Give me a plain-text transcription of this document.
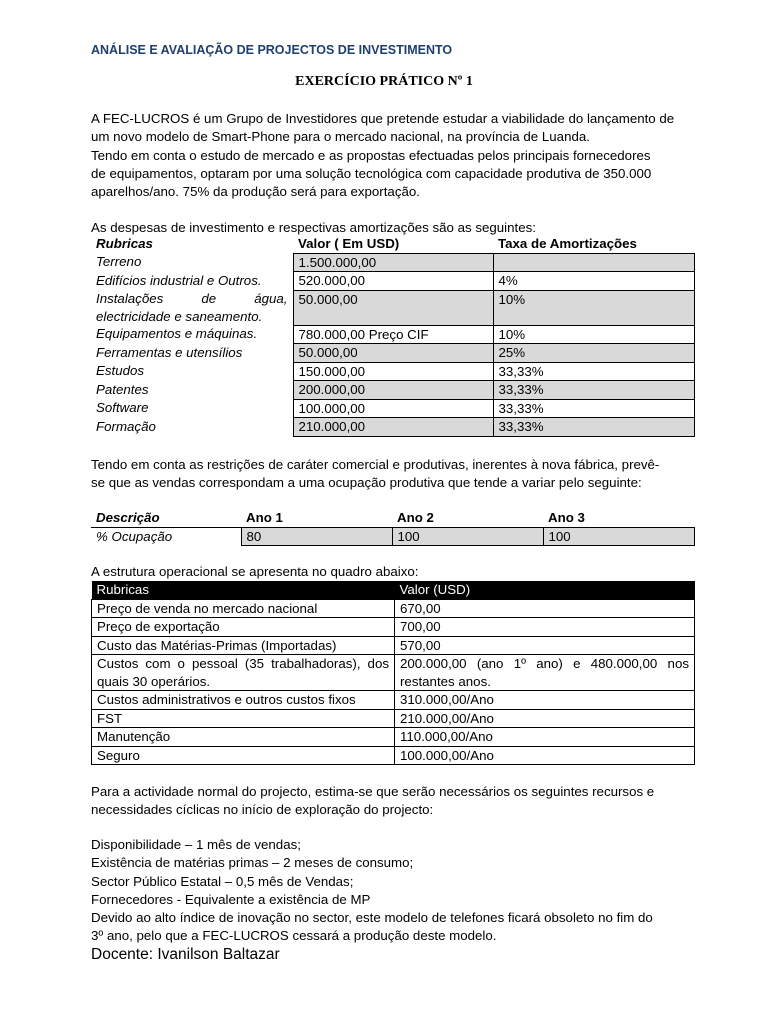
ANÁLISE E AVALIAÇÃO DE PROJECTOS DE INVESTIMENTO
EXERCÍCIO PRÁTICO Nº 1
A FEC-LUCROS é um Grupo de Investidores que pretende estudar a viabilidade do lançamento de
um novo modelo de Smart-Phone para o mercado nacional, na província de Luanda.
Tendo em conta o estudo de mercado e as propostas efectuadas pelos principais fornecedores
de equipamentos, optaram por uma solução tecnológica com capacidade produtiva de 350.000
aparelhos/ano. 75% da produção será para exportação.
As despesas de investimento e respectivas amortizações são as seguintes:
Rubricas	Valor ( Em USD)	Taxa de Amortizações
Terreno	1.500.000,00	
Edifícios industrial e Outros.	520.000,00	4%

Instalações de água,
electricidade e saneamento.	50.000,00	10%
Equipamentos e máquinas.	780.000,00 Preço CIF	10%
Ferramentas e utensílios	50.000,00	25%
Estudos	150.000,00	33,33%
Patentes	200.000,00	33,33%
Software	100.000,00	33,33%
Formação	210.000,00	33,33%
Tendo em conta as restrições de caráter comercial e produtivas, inerentes à nova fábrica, prevê-
se que as vendas correspondam a uma ocupação produtiva que tende a variar pelo seguinte:
Descrição	Ano 1	Ano 2	Ano 3
% Ocupação	80	100	100
A estrutura operacional se apresenta no quadro abaixo:
Rubricas	Valor (USD)
Preço de venda no mercado nacional	670,00
Preço de exportação	700,00
Custo das Matérias-Primas (Importadas)	570,00

Custos com o pessoal (35 trabalhadoras), dos
quais 30 operários.	200.000,00 (ano 1º ano) e 480.000,00 nos
restantes anos.

Custos administrativos e outros custos fixos	310.000,00/Ano
FST	210.000,00/Ano
Manutenção	110.000,00/Ano
Seguro	100.000,00/Ano
Para a actividade normal do projecto, estima-se que serão necessários os seguintes recursos e
necessidades cíclicas no início de exploração do projecto:
Disponibilidade – 1 mês de vendas;
Existência de matérias primas – 2 meses de consumo;
Sector Público Estatal – 0,5 mês de Vendas;
Fornecedores - Equivalente a existência de MP
Devido ao alto índice de inovação no sector, este modelo de telefones ficará obsoleto no fim do
3º ano, pelo que a FEC-LUCROS cessará a produção deste modelo.
Docente: Ivanilson Baltazar
